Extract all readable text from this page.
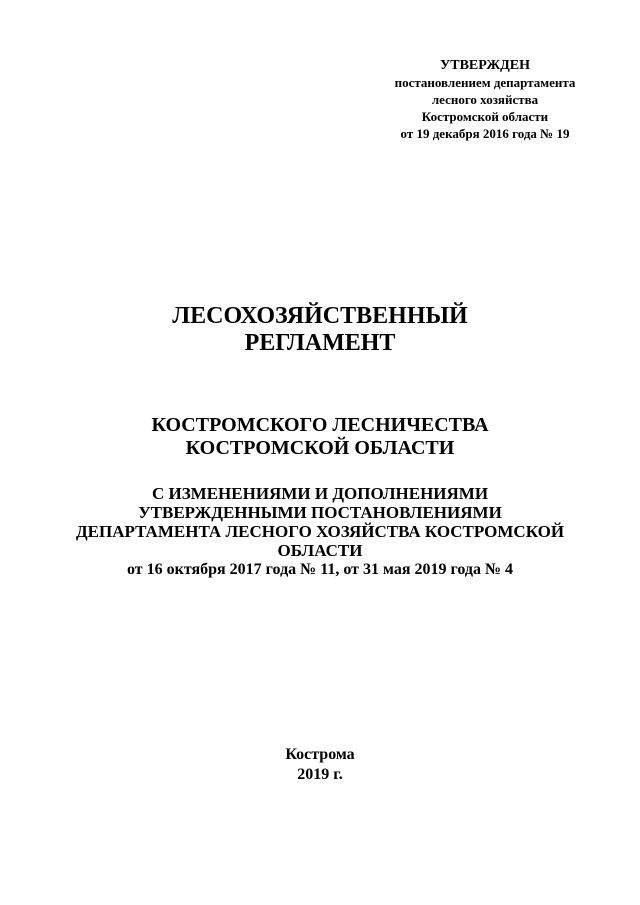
УТВЕРЖДЕН
постановлением департамента
лесного хозяйства
Костромской области
от 19 декабря 2016 года № 19
ЛЕСОХОЗЯЙСТВЕННЫЙ
РЕГЛАМЕНТ
КОСТРОМСКОГО ЛЕСНИЧЕСТВА
КОСТРОМСКОЙ ОБЛАСТИ
С ИЗМЕНЕНИЯМИ И ДОПОЛНЕНИЯМИ
УТВЕРЖДЕННЫМИ ПОСТАНОВЛЕНИЯМИ
ДЕПАРТАМЕНТА ЛЕСНОГО ХОЗЯЙСТВА КОСТРОМСКОЙ
ОБЛАСТИ
от 16 октября 2017 года № 11, от 31 мая 2019 года № 4
Кострома
2019 г.
